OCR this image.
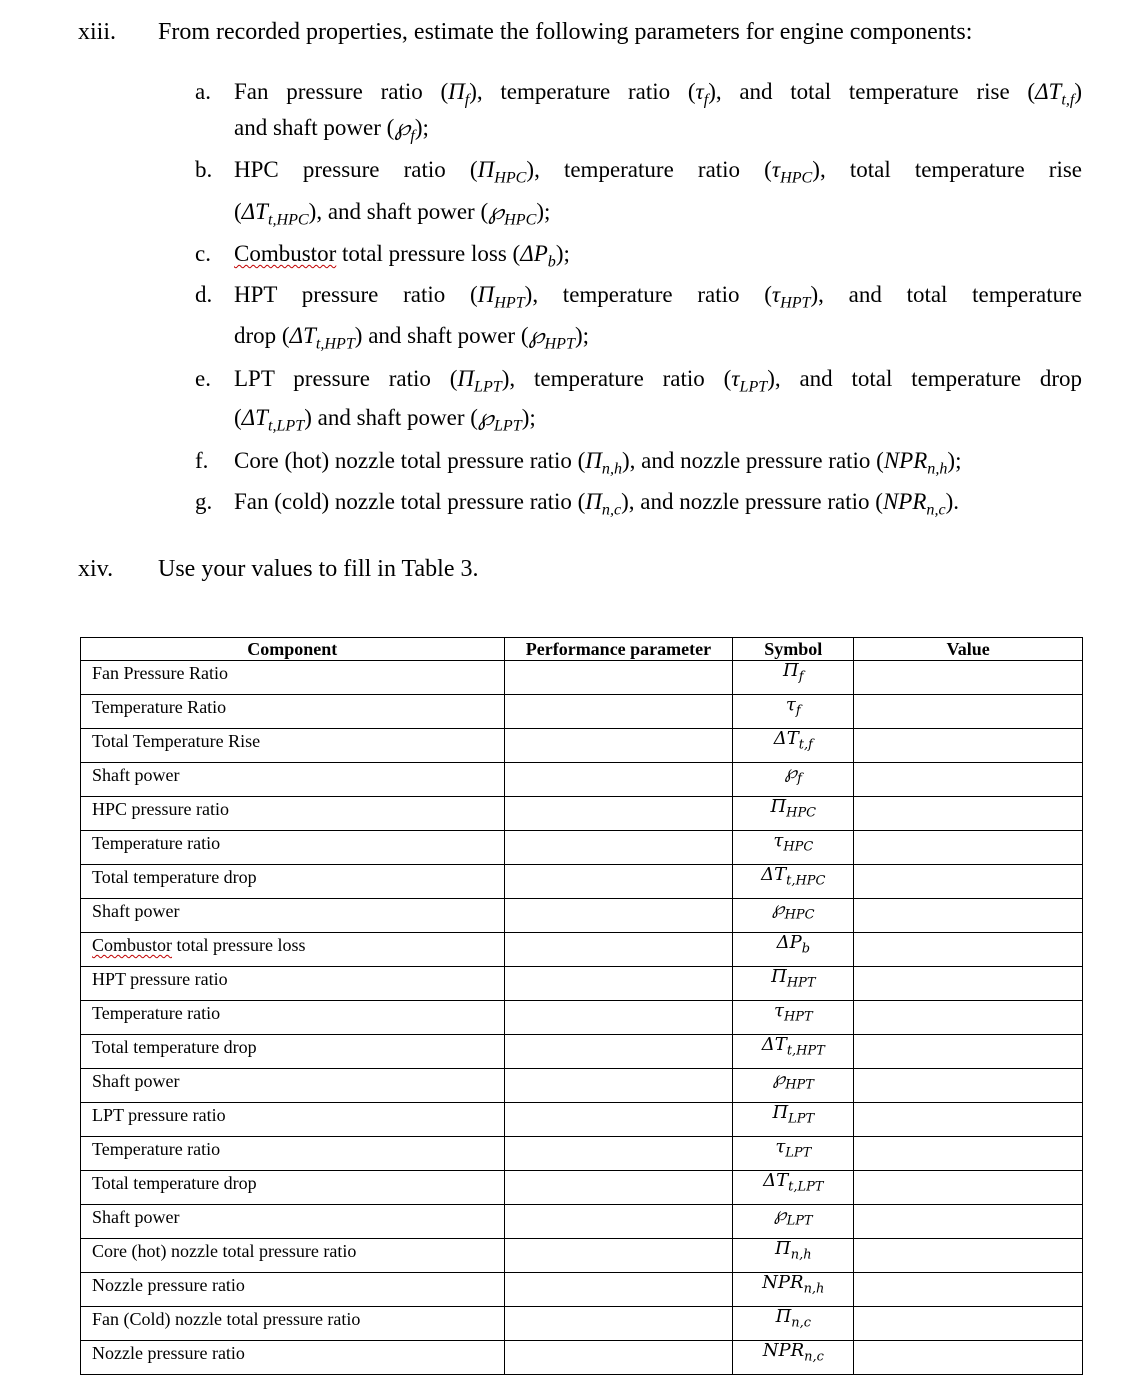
xiii. From recorded properties, estimate the following parameters for engine components:
a. Fan pressure ratio $(\Pi_f)$, temperature ratio $(\tau_f)$, and total temperature rise $(\Delta T_{t,f})$
and shaft power $(℘_f)$;
b. HPC pressure ratio $(\Pi_{HPC})$, temperature ratio $(\tau_{HPC})$, total temperature rise
$(\Delta T_{t,HPC})$, and shaft power $(℘_{HPC})$;
c. Combustor total pressure loss $(\Delta P_b)$;
d. HPT pressure ratio $(\Pi_{HPT})$, temperature ratio $(\tau_{HPT})$, and total temperature
drop $(\Delta T_{t,HPT})$ and shaft power $(℘_{HPT})$;
e. LPT pressure ratio $(\Pi_{LPT})$, temperature ratio $(\tau_{LPT})$, and total temperature drop
$(\Delta T_{t,LPT})$ and shaft power $(℘_{LPT})$;
f. Core (hot) nozzle total pressure ratio $(\Pi_{n,h})$, and nozzle pressure ratio $(NPR_{n,h})$;
g. Fan (cold) nozzle total pressure ratio $(\Pi_{n,c})$, and nozzle pressure ratio $(NPR_{n,c})$.
xiv. Use your values to fill in Table 3.
Component	Performance parameter	Symbol	Value
Fan Pressure Ratio		$\Pi_f$	
Temperature Ratio		$\tau_f$	
Total Temperature Rise		$\Delta T_{t,f}$	
Shaft power		$℘_f$	
HPC pressure ratio		$\Pi_{HPC}$	
Temperature ratio		$\tau_{HPC}$	
Total temperature drop		$\Delta T_{t,HPC}$	
Shaft power		$℘_{HPC}$	
Combustor total pressure loss		$\Delta P_b$	
HPT pressure ratio		$\Pi_{HPT}$	
Temperature ratio		$\tau_{HPT}$	
Total temperature drop		$\Delta T_{t,HPT}$	
Shaft power		$℘_{HPT}$	
LPT pressure ratio		$\Pi_{LPT}$	
Temperature ratio		$\tau_{LPT}$	
Total temperature drop		$\Delta T_{t,LPT}$	
Shaft power		$℘_{LPT}$	
Core (hot) nozzle total pressure ratio		$\Pi_{n,h}$	
Nozzle pressure ratio		$NPR_{n,h}$	
Fan (Cold) nozzle total pressure ratio		$\Pi_{n,c}$	
Nozzle pressure ratio		$NPR_{n,c}$	
